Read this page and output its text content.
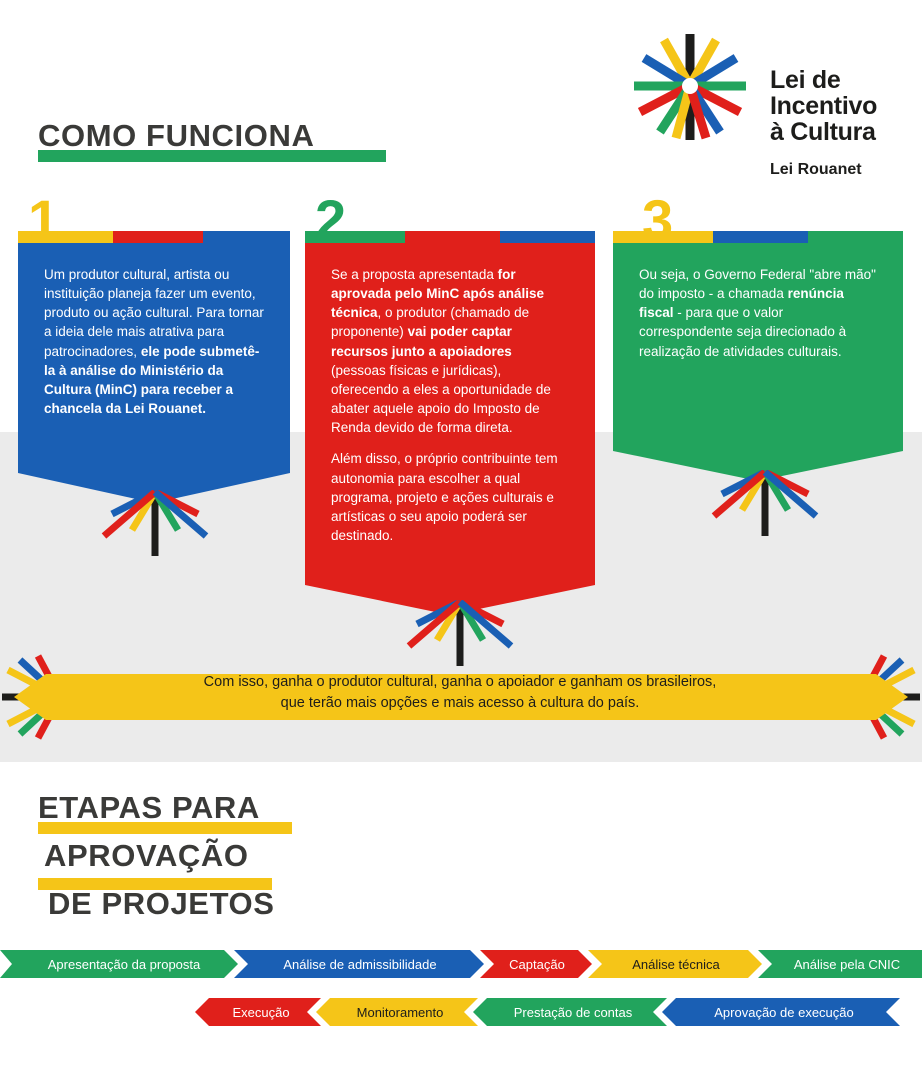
Lei de
Incentivo
à Cultura
Lei Rouanet
COMO FUNCIONA
1

Um produtor cultural, artista ou instituição planeja fazer um evento, produto ou ação cultural. Para tornar a ideia dele mais atrativa para patrocinadores, ele pode submetê-la à análise do Ministério da Cultura (MinC) para receber a chancela da Lei Rouanet.

2

Se a proposta apresentada for aprovada pelo MinC após análise técnica, o produtor (chamado de proponente) vai poder captar recursos junto a apoiadores (pessoas físicas e jurídicas), oferecendo a eles a oportunidade de abater aquele apoio do Imposto de Renda devido de forma direta.

Além disso, o próprio contribuinte tem autonomia para escolher a qual programa, projeto e ações culturais e artísticas o seu apoio poderá ser destinado.

3

Ou seja, o Governo Federal "abre mão" do imposto - a chamada renúncia fiscal - para que o valor correspondente seja direcionado à realização de atividades culturais.

Com isso, ganha o produtor cultural, ganha o apoiador e ganham os brasileiros,
que terão mais opções e mais acesso à cultura do país.
ETAPAS PARA
APROVAÇÃO
DE PROJETOS
Apresentação da proposta	Análise de admissibilidade	Captação	Análise técnica	Análise pela CNIC
Execução	Monitoramento	Prestação de contas	Aprovação de execução
